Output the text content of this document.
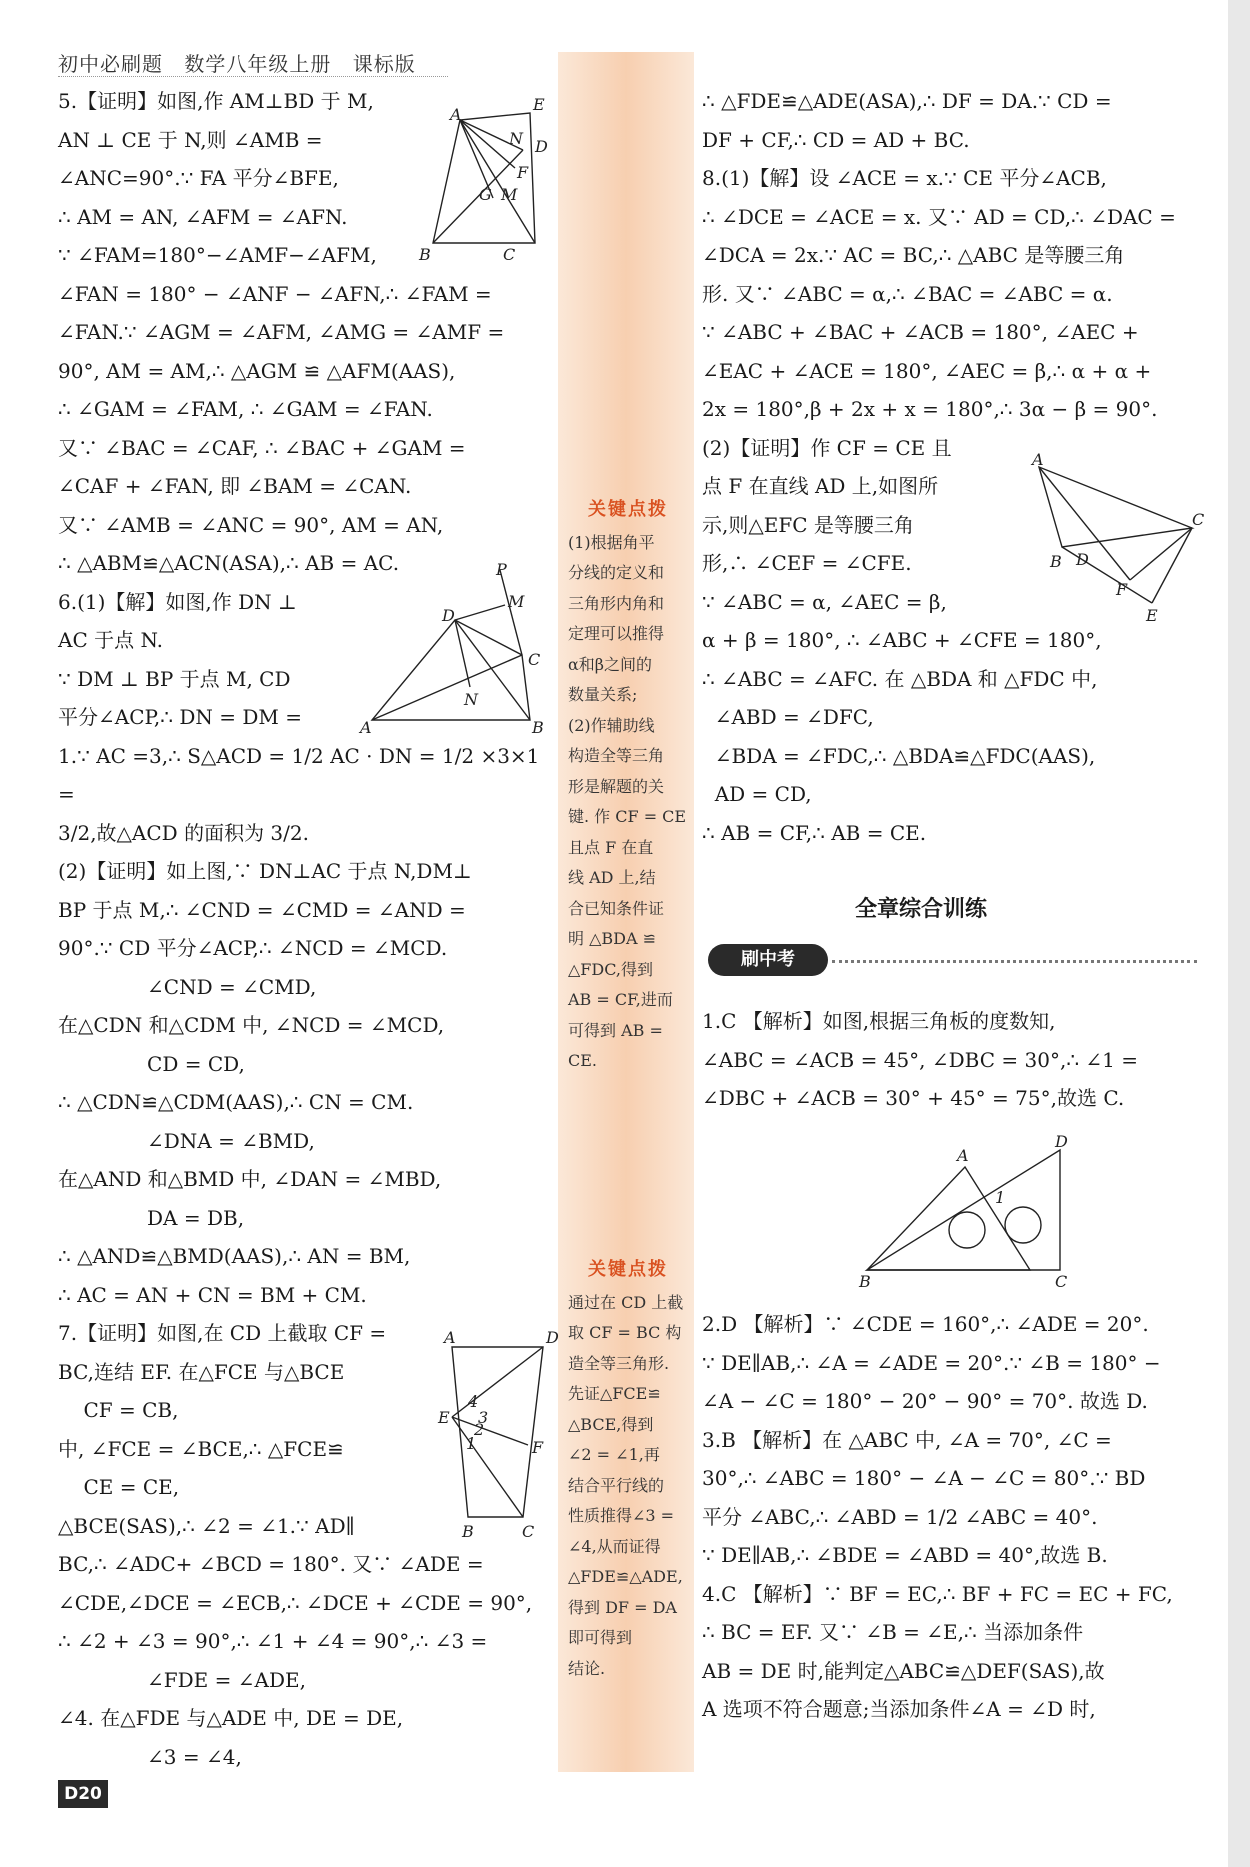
初中必刷题 数学八年级上册 课标版
关键点拨
(1)根据角平
分线的定义和
三角形内角和
定理可以推得
α和β之间的
数量关系;
(2)作辅助线
构造全等三角
形是解题的关
键. 作 CF = CE
且点 F 在直
线 AD 上,结
合已知条件证
明 △BDA ≌
△FDC,得到
AB = CF,进而
可得到 AB =
CE.
关键点拨
通过在 CD 上截
取 CF = BC 构
造全等三角形.
先证△FCE≌
△BCE,得到
∠2 = ∠1,再
结合平行线的
性质推得∠3 =
∠4,从而证得
△FDE≌△ADE,
得到 DF = DA
即可得到
结论.

5.【证明】如图,作 AM⊥BD 于 M,

AN ⊥ CE 于 N,则 ∠AMB =

∠ANC=90°.∵ FA 平分∠BFE,

∴ AM = AN, ∠AFM = ∠AFN.

∵ ∠FAM=180°−∠AMF−∠AFM,

∠FAN = 180° − ∠ANF − ∠AFN,∴ ∠FAM =

∠FAN.∵ ∠AGM = ∠AFM, ∠AMG = ∠AMF =

90°, AM = AM,∴ △AGM ≌ △AFM(AAS),

∴ ∠GAM = ∠FAM, ∴ ∠GAM = ∠FAN.

又∵ ∠BAC = ∠CAF, ∴ ∠BAC + ∠GAM =

∠CAF + ∠FAN, 即 ∠BAM = ∠CAN.

又∵ ∠AMB = ∠ANC = 90°, AM = AN,

∴ △ABM≌△ACN(ASA),∴ AB = AC.

6.(1)【解】如图,作 DN ⊥

AC 于点 N.

∵ DM ⊥ BP 于点 M, CD

平分∠ACP,∴ DN = DM =

1.∵ AC =3,∴ S△ACD = 1/2 AC · DN = 1/2 ×3×1 =

3/2,故△ACD 的面积为 3/2.

(2)【证明】如上图,∵ DN⊥AC 于点 N,DM⊥

BP 于点 M,∴ ∠CND = ∠CMD = ∠AND =

90°.∵ CD 平分∠ACP,∴ ∠NCD = ∠MCD.

∠CND = ∠CMD,

在△CDN 和△CDM 中, ∠NCD = ∠MCD,

CD = CD,

∴ △CDN≌△CDM(AAS),∴ CN = CM.

∠DNA = ∠BMD,

在△AND 和△BMD 中, ∠DAN = ∠MBD,

DA = DB,

∴ △AND≌△BMD(AAS),∴ AN = BM,

∴ AC = AN + CN = BM + CM.

7.【证明】如图,在 CD 上截取 CF =

BC,连结 EF. 在△FCE 与△BCE

CF = CB,

中, ∠FCE = ∠BCE,∴ △FCE≌

CE = CE,

△BCE(SAS),∴ ∠2 = ∠1.∵ AD∥

BC,∴ ∠ADC+ ∠BCD = 180°. 又∵ ∠ADE =

∠CDE,∠DCE = ∠ECB,∴ ∠DCE + ∠CDE = 90°,

∴ ∠2 + ∠3 = 90°,∴ ∠1 + ∠4 = 90°,∴ ∠3 =

∠FDE = ∠ADE,

∠4. 在△FDE 与△ADE 中, DE = DE,

∠3 = ∠4,

∴ △FDE≌△ADE(ASA),∴ DF = DA.∵ CD =

DF + CF,∴ CD = AD + BC.

8.(1)【解】设 ∠ACE = x.∵ CE 平分∠ACB,

∴ ∠DCE = ∠ACE = x. 又∵ AD = CD,∴ ∠DAC =

∠DCA = 2x.∵ AC = BC,∴ △ABC 是等腰三角

形. 又∵ ∠ABC = α,∴ ∠BAC = ∠ABC = α.

∵ ∠ABC + ∠BAC + ∠ACB = 180°, ∠AEC +

∠EAC + ∠ACE = 180°, ∠AEC = β,∴ α + α +

2x = 180°,β + 2x + x = 180°,∴ 3α − β = 90°.

(2)【证明】作 CF = CE 且

点 F 在直线 AD 上,如图所

示,则△EFC 是等腰三角

形,∴ ∠CEF = ∠CFE.

∵ ∠ABC = α, ∠AEC = β,

α + β = 180°, ∴ ∠ABC + ∠CFE = 180°,

∴ ∠ABC = ∠AFC. 在 △BDA 和 △FDC 中,

∠ABD = ∠DFC,

∠BDA = ∠FDC,∴ △BDA≌△FDC(AAS),

AD = CD,

∴ AB = CF,∴ AB = CE.

全章综合训练
刷中考

1.C 【解析】如图,根据三角板的度数知,

∠ABC = ∠ACB = 45°, ∠DBC = 30°,∴ ∠1 =

∠DBC + ∠ACB = 30° + 45° = 75°,故选 C.

2.D 【解析】∵ ∠CDE = 160°,∴ ∠ADE = 20°.

∵ DE∥AB,∴ ∠A = ∠ADE = 20°.∵ ∠B = 180° −

∠A − ∠C = 180° − 20° − 90° = 70°. 故选 D.

3.B 【解析】在 △ABC 中, ∠A = 70°, ∠C =

30°,∴ ∠ABC = 180° − ∠A − ∠C = 80°.∵ BD

平分 ∠ABC,∴ ∠ABD = 1/2 ∠ABC = 40°.

∵ DE∥AB,∴ ∠BDE = ∠ABD = 40°,故选 B.

4.C 【解析】∵ BF = EC,∴ BF + FC = EC + FC,

∴ BC = EF. 又∵ ∠B = ∠E,∴ 当添加条件

AB = DE 时,能判定△ABC≌△DEF(SAS),故

A 选项不符合题意;当添加条件∠A = ∠D 时,

D20
A
E
D
N
F
G M
B	C
A	B
C
D
P
M
N
A	D
E
F
B	C
4
3
2
1
A
C
B D
F
E
A
D
B	C
1
